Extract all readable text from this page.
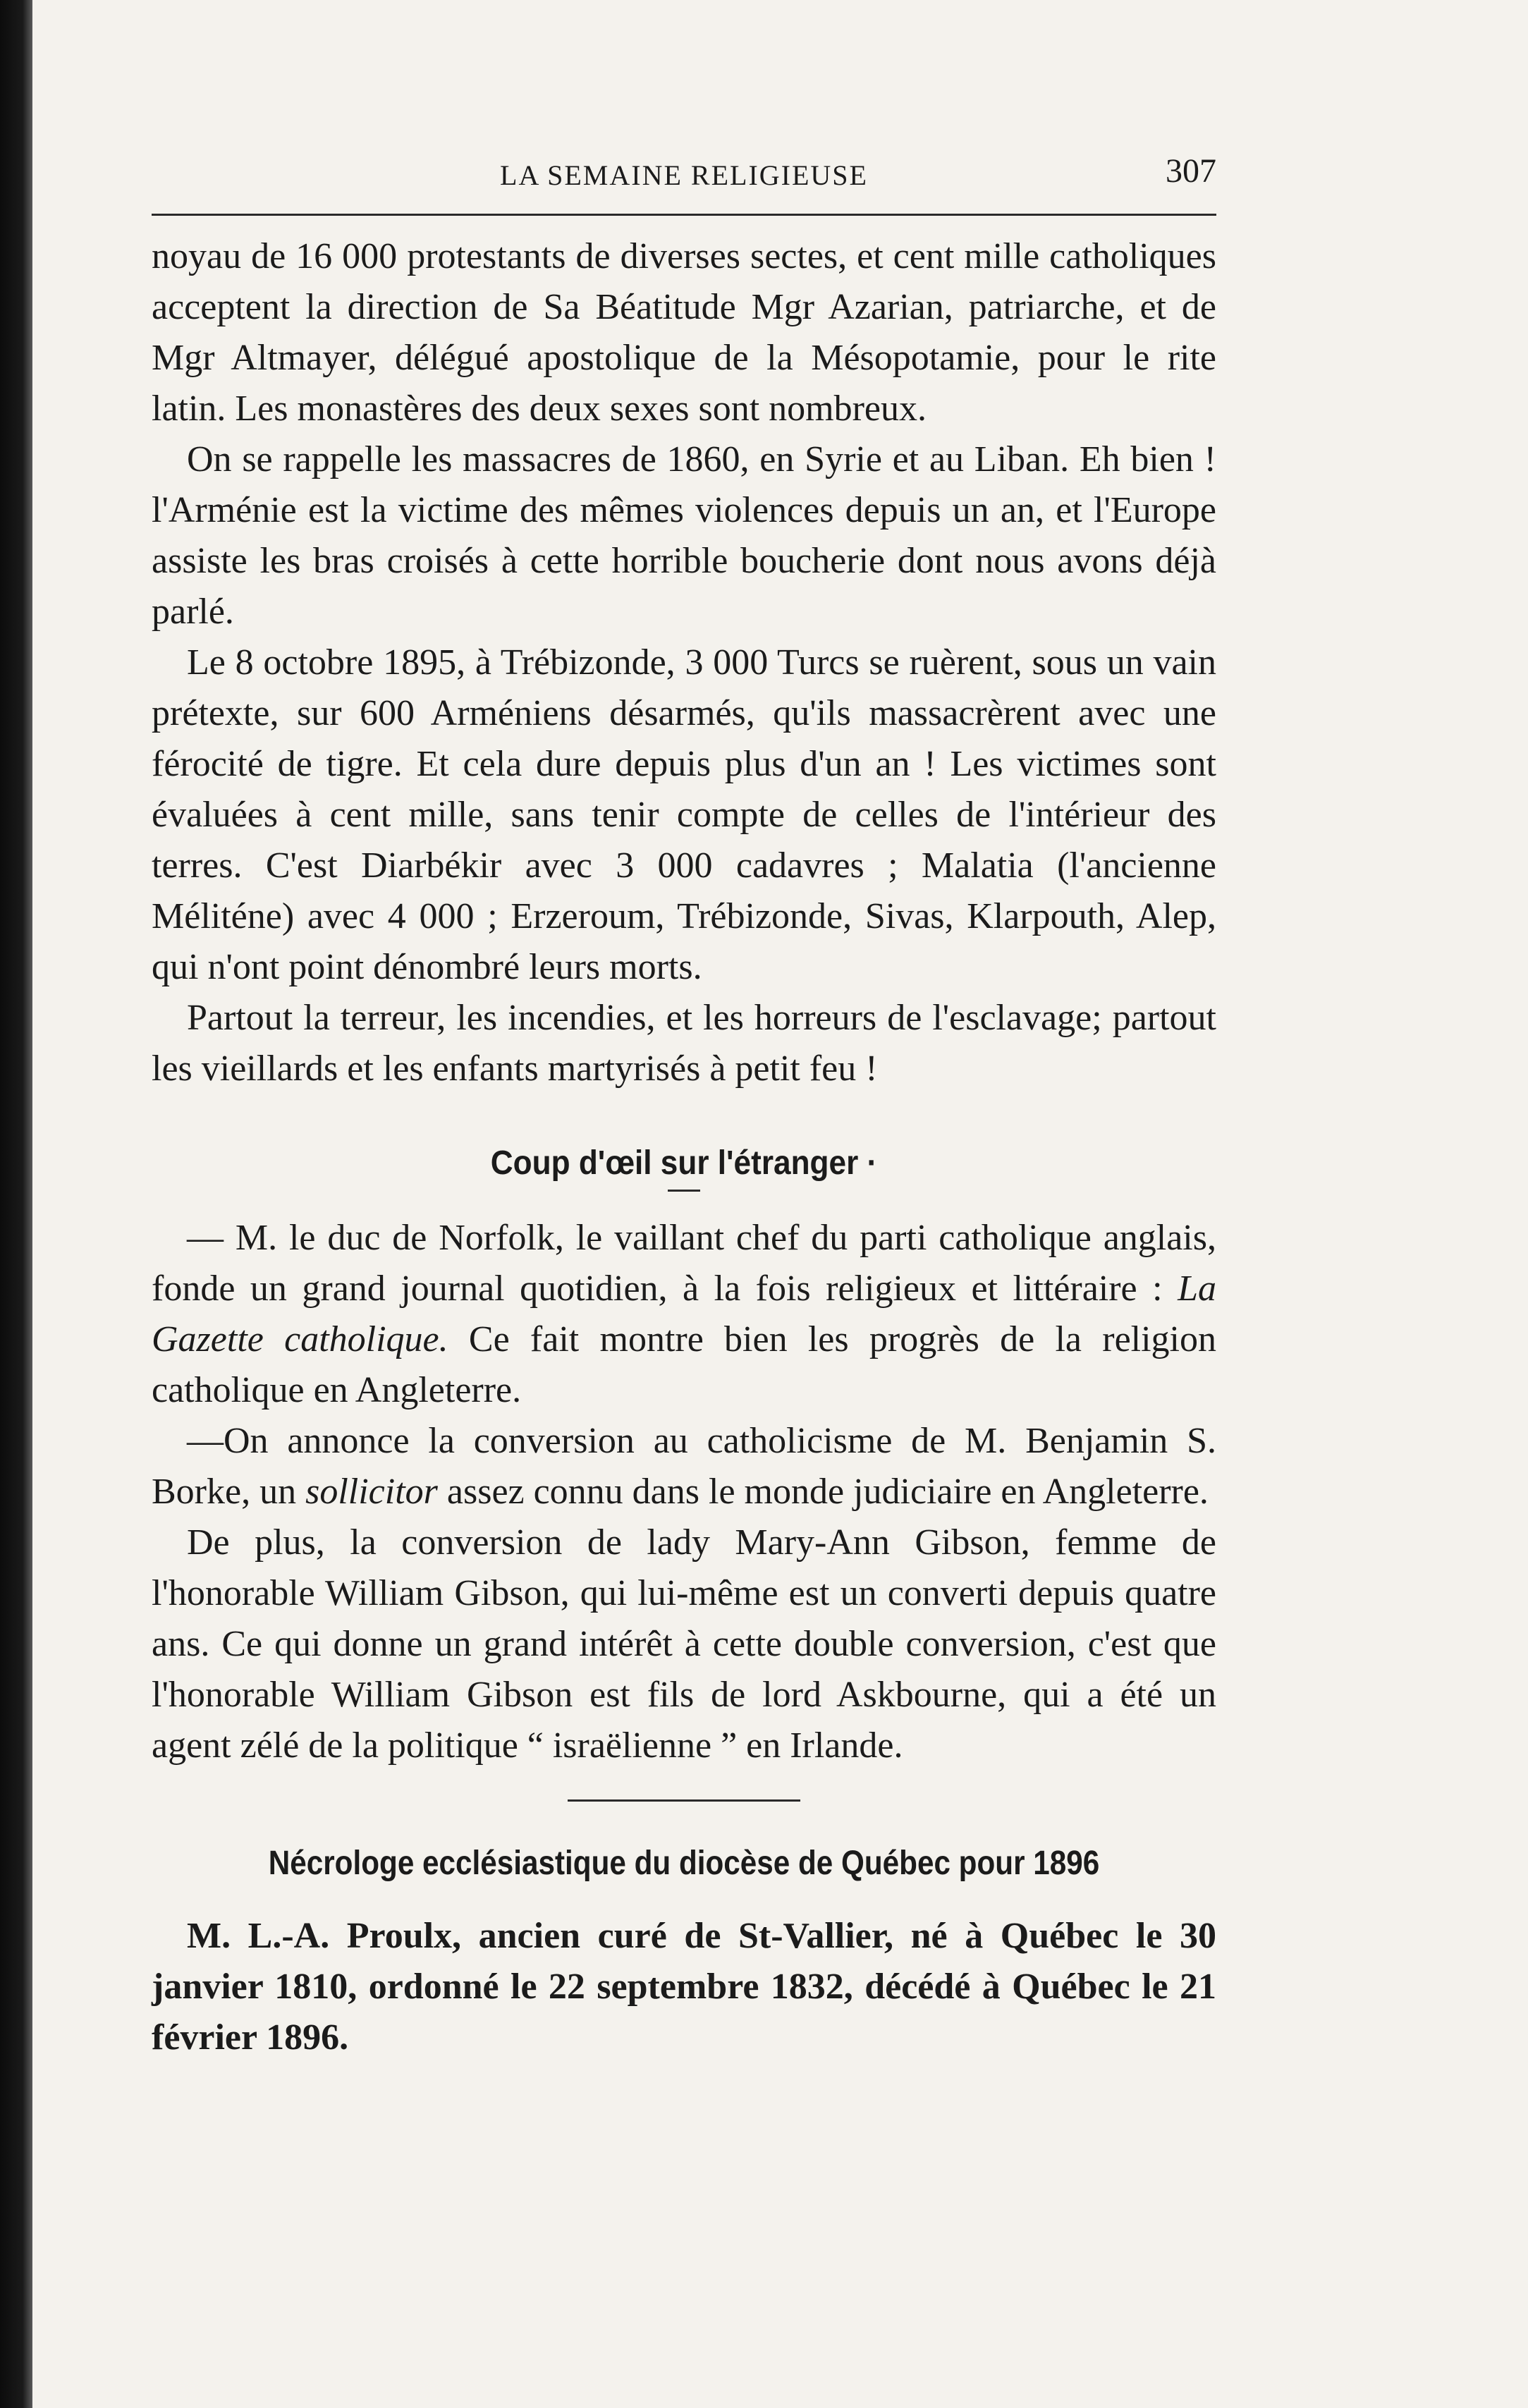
LA SEMAINE RELIGIEUSE	307

noyau de 16 000 protestants de diverses sectes, et cent mille catholiques acceptent la direction de Sa Béatitude Mgr Azarian, patriarche, et de Mgr Altmayer, délégué apostolique de la Mésopotamie, pour le rite latin. Les monastères des deux sexes sont nombreux.

On se rappelle les massacres de 1860, en Syrie et au Liban. Eh bien ! l'Arménie est la victime des mêmes violences depuis un an, et l'Europe assiste les bras croisés à cette horrible boucherie dont nous avons déjà parlé.

Le 8 octobre 1895, à Trébizonde, 3 000 Turcs se ruèrent, sous un vain prétexte, sur 600 Arméniens désarmés, qu'ils massacrèrent avec une férocité de tigre. Et cela dure depuis plus d'un an ! Les victimes sont évaluées à cent mille, sans tenir compte de celles de l'intérieur des terres. C'est Diarbékir avec 3 000 cadavres ; Malatia (l'ancienne Méliténe) avec 4 000 ; Erzeroum, Trébizonde, Sivas, Klarpouth, Alep, qui n'ont point dénombré leurs morts.

Partout la terreur, les incendies, et les horreurs de l'esclavage; partout les vieillards et les enfants martyrisés à petit feu !

Coup d'œil sur l'étranger ·

— M. le duc de Norfolk, le vaillant chef du parti catholique anglais, fonde un grand journal quotidien, à la fois religieux et littéraire : La Gazette catholique. Ce fait montre bien les progrès de la religion catholique en Angleterre.

—On annonce la conversion au catholicisme de M. Benjamin S. Borke, un sollicitor assez connu dans le monde judiciaire en Angleterre.

De plus, la conversion de lady Mary-Ann Gibson, femme de l'honorable William Gibson, qui lui-même est un converti depuis quatre ans. Ce qui donne un grand intérêt à cette double conversion, c'est que l'honorable William Gibson est fils de lord Askbourne, qui a été un agent zélé de la politique “ israëlienne ” en Irlande.

Nécrologe ecclésiastique du diocèse de Québec pour 1896

M. L.-A. Proulx, ancien curé de St-Vallier, né à Québec le 30 janvier 1810, ordonné le 22 septembre 1832, décédé à Québec le 21 février 1896.
